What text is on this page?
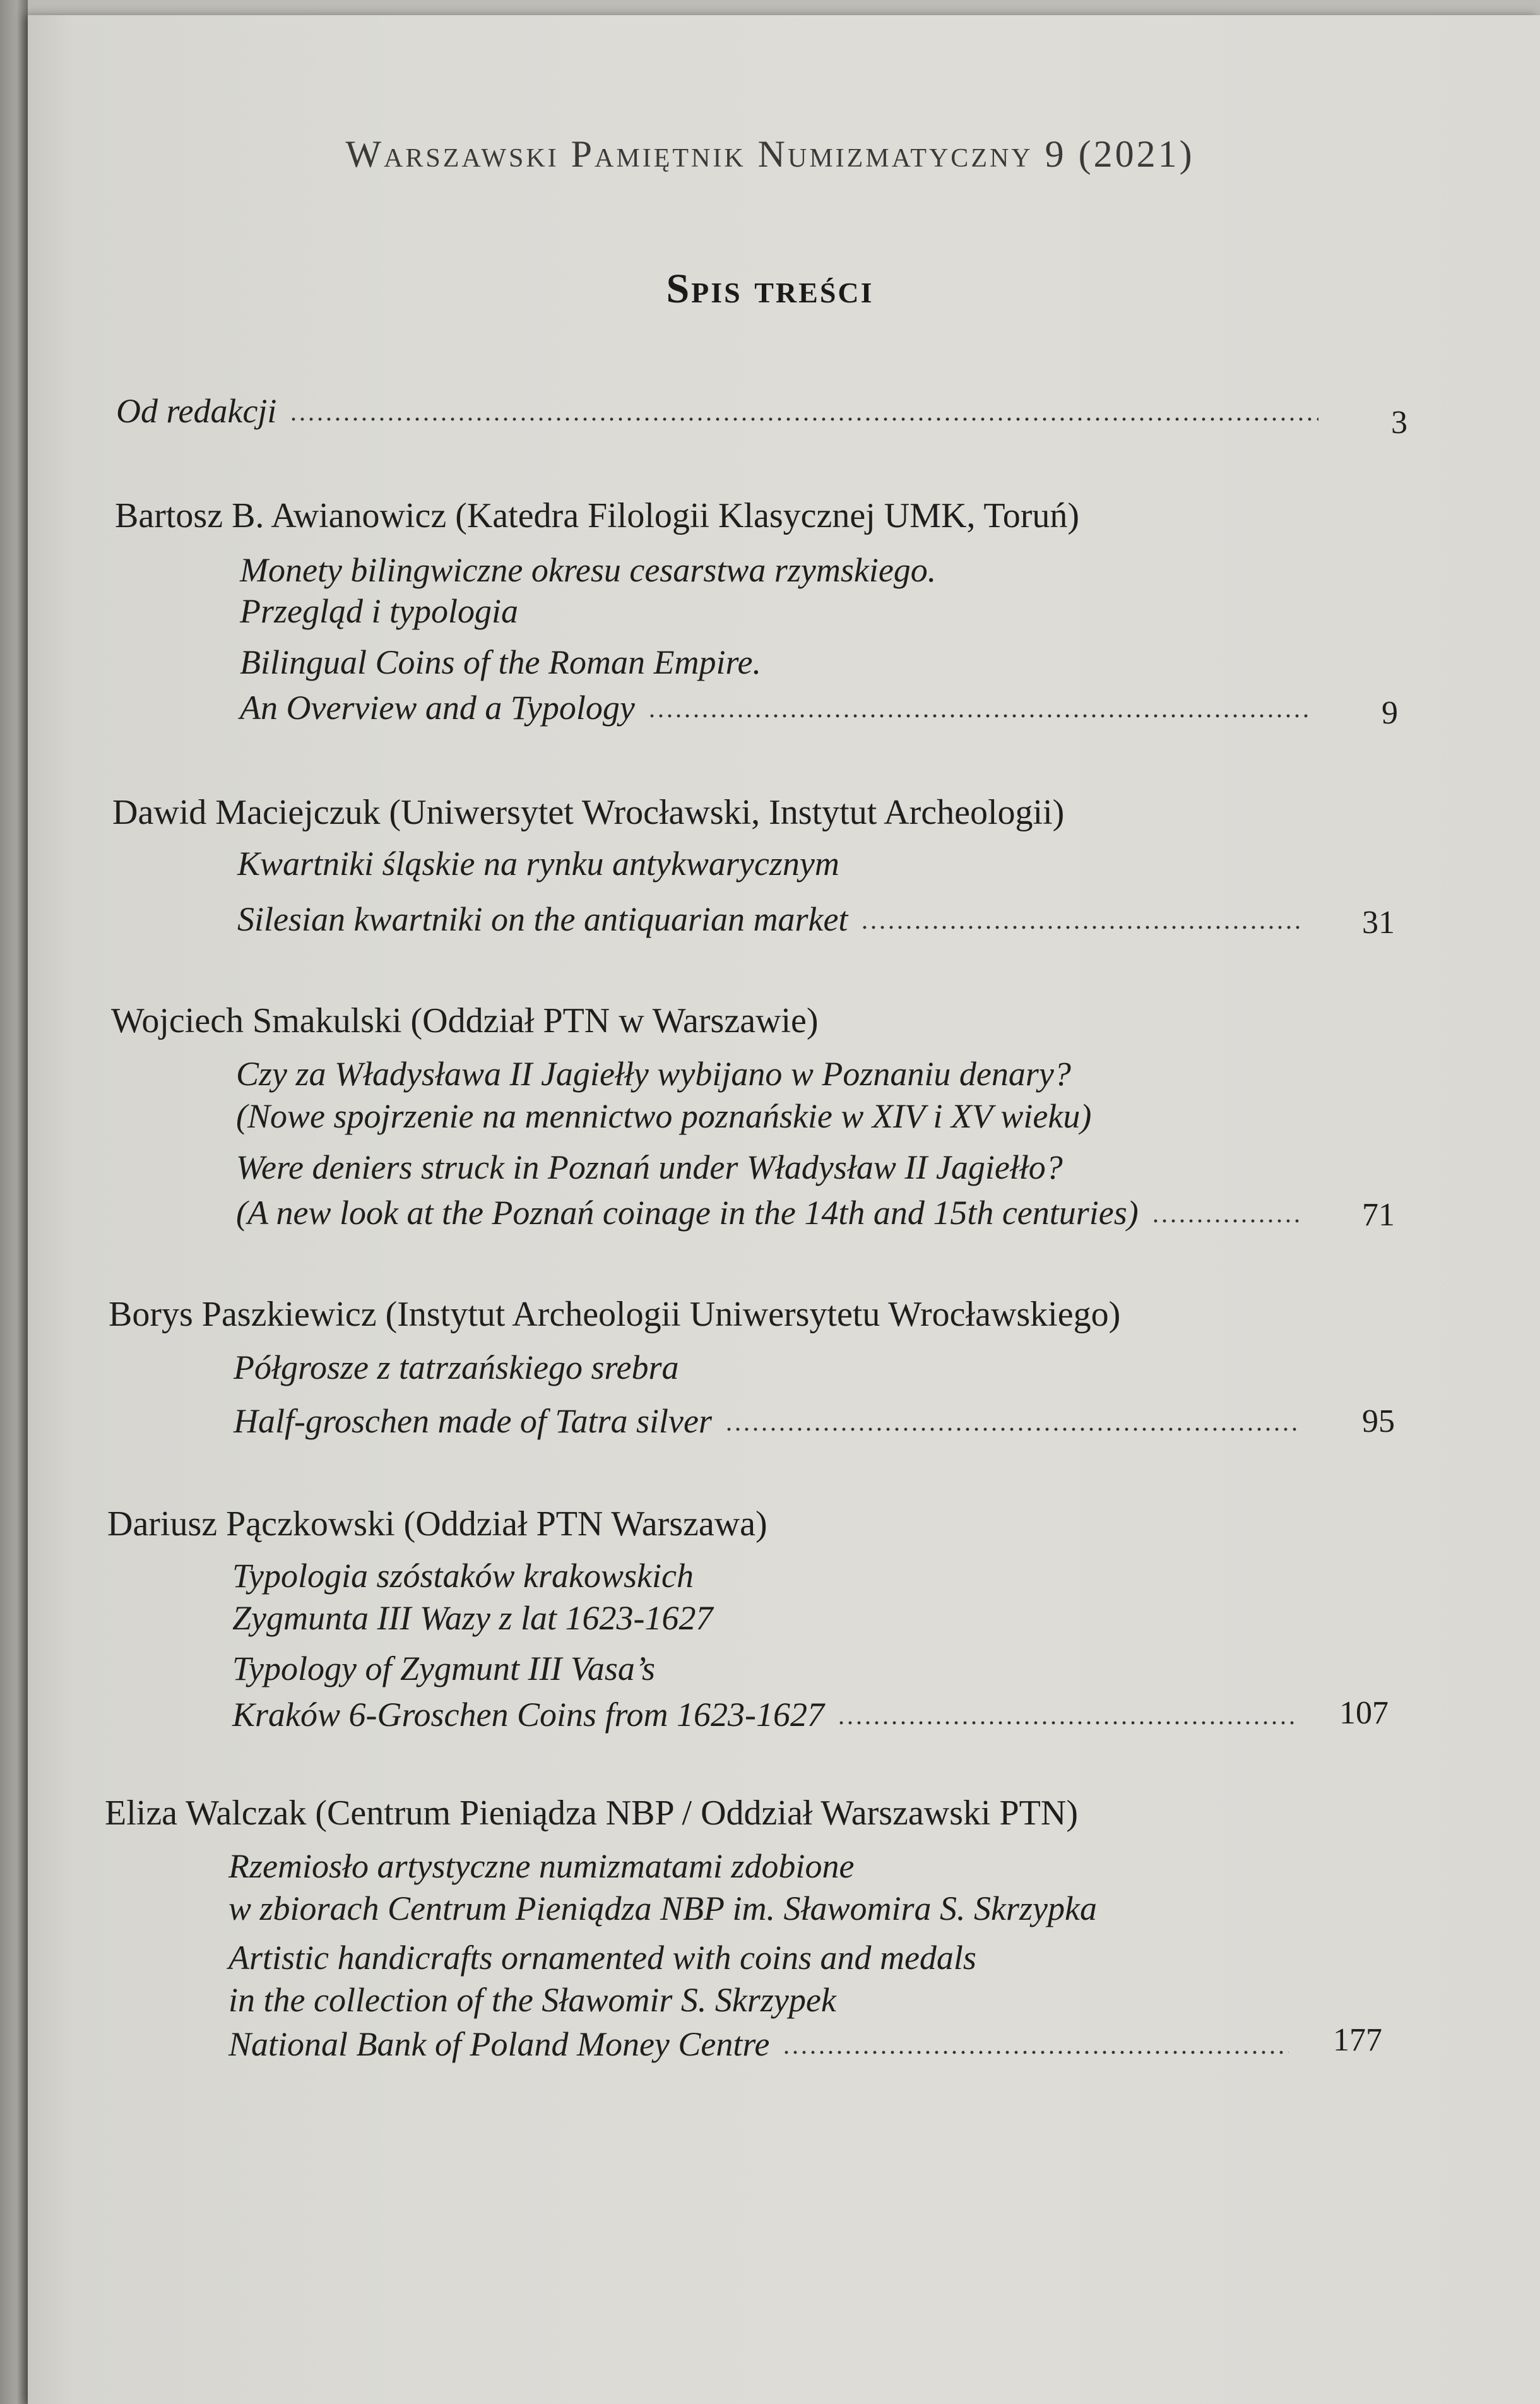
Warszawski Pamiętnik Numizmatyczny 9 (2021)
Spis treści
Od redakcji	3
Bartosz B. Awianowicz (Katedra Filologii Klasycznej UMK, Toruń)
Monety bilingwiczne okresu cesarstwa rzymskiego.
Przegląd i typologia
Bilingual Coins of the Roman Empire.
An Overview and a Typology	9
Dawid Maciejczuk (Uniwersytet Wrocławski, Instytut Archeologii)
Kwartniki śląskie na rynku antykwarycznym
Silesian kwartniki on the antiquarian market	31
Wojciech Smakulski (Oddział PTN w Warszawie)
Czy za Władysława II Jagiełły wybijano w Poznaniu denary?
(Nowe spojrzenie na mennictwo poznańskie w XIV i XV wieku)
Were deniers struck in Poznań under Władysław II Jagiełło?
(A new look at the Poznań coinage in the 14th and 15th centuries)	71
Borys Paszkiewicz (Instytut Archeologii Uniwersytetu Wrocławskiego)
Półgrosze z tatrzańskiego srebra
Half-groschen made of Tatra silver	95
Dariusz Pączkowski (Oddział PTN Warszawa)
Typologia szóstaków krakowskich
Zygmunta III Wazy z lat 1623-1627
Typology of Zygmunt III Vasa’s
Kraków 6-Groschen Coins from 1623-1627	107
Eliza Walczak (Centrum Pieniądza NBP / Oddział Warszawski PTN)
Rzemiosło artystyczne numizmatami zdobione
w zbiorach Centrum Pieniądza NBP im. Sławomira S. Skrzypka
Artistic handicrafts ornamented with coins and medals
in the collection of the Sławomir S. Skrzypek
National Bank of Poland Money Centre	177
